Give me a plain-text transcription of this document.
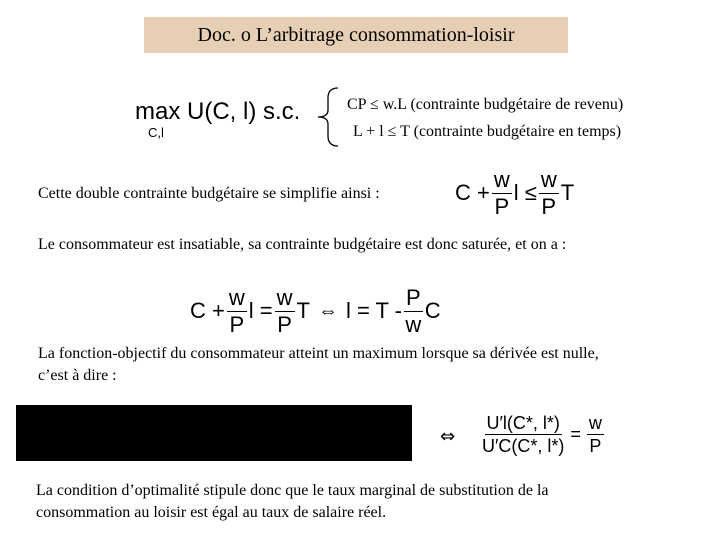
Doc. o L’arbitrage consommation-loisir
max U(C, l) s.c.
C,l
CP ≤ w.L (contrainte budgétaire de revenu)
L + l ≤ T (contrainte budgétaire en temps)
Cette double contrainte budgétaire se simplifie ainsi :	$C + \frac{w}{P}$ $l \le \frac{w}{P}$ T
Le consommateur est insatiable, sa contrainte budgétaire est donc saturée, et on a :
$C + \frac{w}{P}$ $l = \frac{w}{P}$ T ⇔ $l = T - \frac{P}{w}$ C
La fonction-objectif du consommateur atteint un maximum lorsque sa dérivée est nulle,
c’est à dire :
⇔ $\frac{U'l(C*, l*)}{U'C(C*, l*)} = \frac{w}{P}$
La condition d’optimalité stipule donc que le taux marginal de substitution de la
consommation au loisir est égal au taux de salaire réel.
